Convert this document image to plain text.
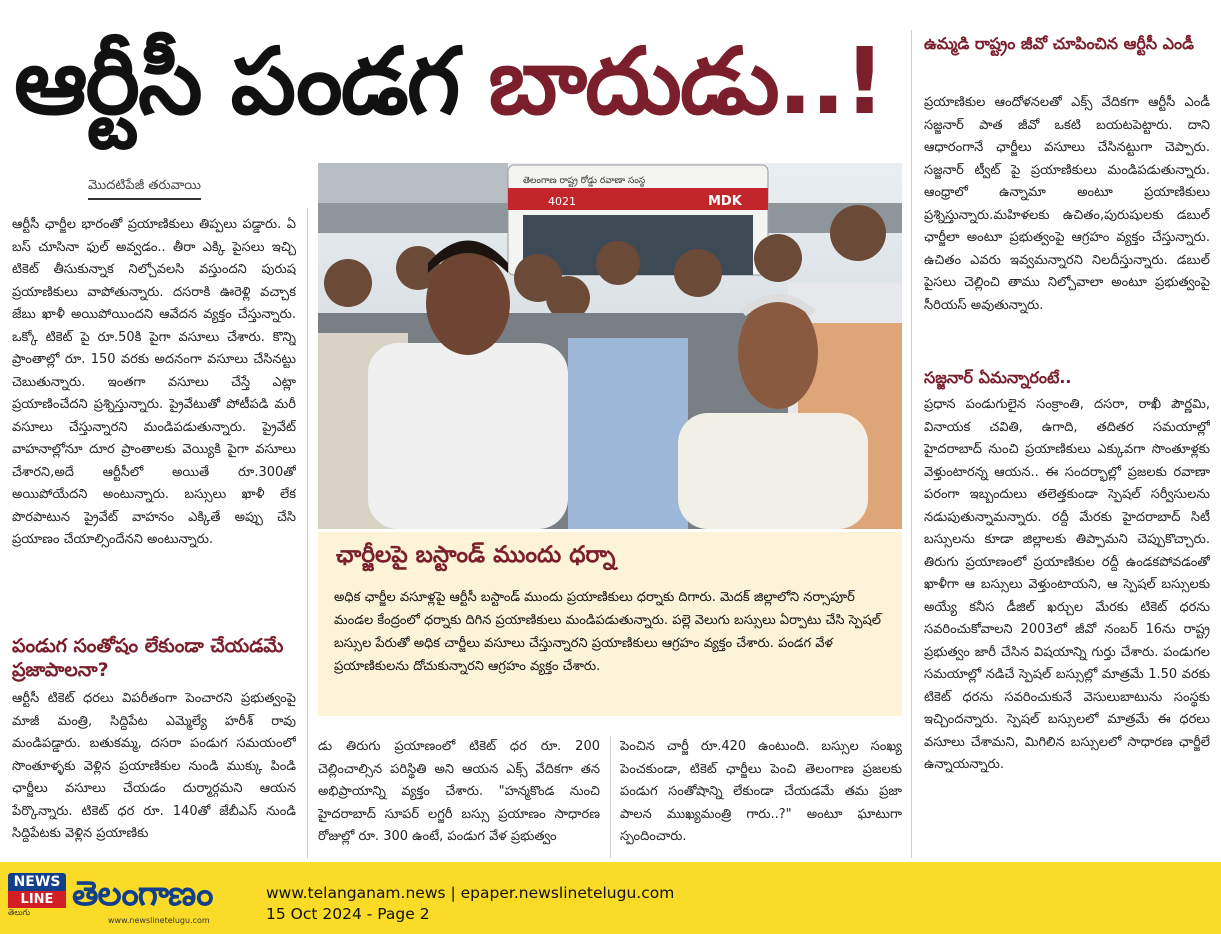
ఆర్టీసీ పండగ బాదుడు..!
మొదటిపేజీ తరువాయి
ఆర్టీసీ ఛార్జీల భారంతో ప్రయాణికులు తిప్పలు పడ్డారు. ఏ బస్ చూసినా ఫుల్ అవ్వడం.. తీరా ఎక్కి పైసలు ఇచ్చి టికెట్ తీసుకున్నాక నిల్చోవలసి వస్తుందని పురుష ప్రయాణికులు వాపోతున్నారు. దసరాకి ఊరెళ్లి వచ్చాక జేబు ఖాళీ అయిపోయిందని ఆవేదన వ్యక్తం చేస్తున్నారు. ఒక్కో టికెట్ పై రూ.50కి పైగా వసూలు చేశారు. కొన్ని ప్రాంతాల్లో రూ. 150 వరకు అదనంగా వసూలు చేసినట్టు చెబుతున్నారు. ఇంతగా వసూలు చేస్తే ఎట్లా ప్రయాణించేదని ప్రశ్నిస్తున్నారు. ప్రైవేటుతో పోటీపడి మరీ వసూలు చేస్తున్నారని మండిపడుతున్నారు. ప్రైవేట్ వాహనాల్లోనూ దూర ప్రాంతాలకు వెయ్యికి పైగా వసూలు చేశారని,అదే ఆర్టీసీలో అయితే రూ.300తో అయిపోయేదని అంటున్నారు. బస్సులు ఖాళీ లేక పొరపాటున ప్రైవేట్ వాహనం ఎక్కితే అప్పు చేసి ప్రయాణం చేయాల్సిందేనని అంటున్నారు.
పండుగ సంతోషం లేకుండా చేయడమే ప్రజాపాలనా?
ఆర్టీసీ టికెట్ ధరలు విపరీతంగా పెంచారని ప్రభుత్వంపై మాజీ మంత్రి, సిద్దిపేట ఎమ్మెల్యే హరీశ్ రావు మండిపడ్డారు. బతుకమ్మ, దసరా పండుగ సమయంలో సొంతూళ్ళకు వెళ్లిన ప్రయాణికుల నుండి ముక్కు పిండి ఛార్జీలు వసూలు చేయడం దుర్మార్గమని ఆయన పేర్కొన్నారు. టికెట్ ధర రూ. 140తో జేబీఎస్ నుండి సిద్దిపేటకు వెళ్లిన ప్రయాణికు
4021	MDK
తెలంగాణ రాష్ట్ర రోడ్డు రవాణా సంస్థ
ఛార్జీలపై బస్టాండ్ ముందు ధర్నా
అధిక ఛార్జీల వసూళ్లపై ఆర్టీసీ బస్టాండ్ ముందు ప్రయాణికులు ధర్నాకు దిగారు. మెదక్ జిల్లాలోని నర్సాపూర్ మండల కేంద్రంలో ధర్నాకు దిగిన ప్రయాణికులు మండిపడుతున్నారు. పల్లె వెలుగు బస్సులు ఏర్పాటు చేసి స్పెషల్ బస్సుల పేరుతో అధిక చార్జీలు వసూలు చేస్తున్నారని ప్రయాణికులు ఆగ్రహం వ్యక్తం చేశారు. పండగ వేళ ప్రయాణికులను దోచుకున్నారని ఆగ్రహం వ్యక్తం చేశారు.
డు తిరుగు ప్రయాణంలో టికెట్ ధర రూ. 200 చెల్లించాల్సిన పరిస్థితి అని ఆయన ఎక్స్ వేదికగా తన అభిప్రాయాన్ని వ్యక్తం చేశారు. "హన్మకొండ నుంచి హైదరాబాద్ సూపర్ లగ్జరీ బస్సు ప్రయాణం సాధారణ రోజుల్లో రూ. 300 ఉంటే, పండుగ వేళ ప్రభుత్వం
పెంచిన చార్జీ రూ.420 ఉంటుంది. బస్సుల సంఖ్య పెంచకుండా, టికెట్ ఛార్జీలు పెంచి తెలంగాణ ప్రజలకు పండుగ సంతోషాన్ని లేకుండా చేయడమే తమ ప్రజా పాలన ముఖ్యమంత్రి గారు..?" అంటూ ఘాటుగా స్పందించారు.
ఉమ్మడి రాష్ట్రం జీవో చూపించిన ఆర్టీసీ ఎండీ
ప్రయాణికుల ఆందోళనలతో ఎక్స్ వేదికగా ఆర్టీసీ ఎండీ సజ్జనార్ పాత జీవో ఒకటి బయటపెట్టారు. దాని ఆధారంగానే ఛార్జీలు వసూలు చేసినట్టుగా చెప్పారు. సజ్జనార్ ట్వీట్ పై ప్రయాణికులు మండిపడుతున్నారు. ఆంధ్రాలో ఉన్నామా అంటూ ప్రయాణికులు ప్రశ్నిస్తున్నారు.మహిళలకు ఉచితం,పురుషులకు డబుల్ ఛార్జీలా అంటూ ప్రభుత్వంపై ఆగ్రహం వ్యక్తం చేస్తున్నారు. ఉచితం ఎవరు ఇవ్వమన్నారని నిలదీస్తున్నారు. డబుల్ పైసలు చెల్లించి తాము నిల్చోవాలా అంటూ ప్రభుత్వంపై సీరియస్ అవుతున్నారు.
సజ్జనార్ ఏమన్నారంటే..
ప్రధాన పండుగులైన సంక్రాంతి, దసరా, రాఖీ పౌర్ణమి, వినాయక చవితి, ఉగాది, తదితర సమయాల్లో హైదరాబాద్ నుంచి ప్రయాణికులు ఎక్కువగా సొంతూళ్లకు వెళ్తుంటారన్న ఆయన.. ఈ సందర్భాల్లో ప్రజలకు రవాణా పరంగా ఇబ్బందులు తలెత్తకుండా స్పెషల్ సర్వీసులను నడుపుతున్నామన్నారు. రద్దీ మేరకు హైదరాబాద్ సిటీ బస్సులను కూడా జిల్లాలకు తిప్పామని చెప్పుకొచ్చారు. తిరుగు ప్రయాణంలో ప్రయాణికుల రద్దీ ఉండకపోవడంతో ఖాళీగా ఆ బస్సులు వెళ్తుంటాయని, ఆ స్పెషల్ బస్సులకు అయ్యే కనీస డీజిల్ ఖర్చుల మేరకు టికెట్ ధరను సవరించుకోవాలని 2003లో జీవో నంబర్ 16ను రాష్ట్ర ప్రభుత్వం జారీ చేసిన విషయాన్ని గుర్తు చేశారు. పండుగల సమయాల్లో నడిచే స్పెషల్ బస్సుల్లో మాత్రమే 1.50 వరకు టికెట్ ధరను సవరించుకునే వెసులుబాటును సంస్థకు ఇచ్చిందన్నారు. స్పెషల్ బస్సులలో మాత్రమే ఈ ధరలు వసూలు చేశామని, మిగిలిన బస్సులలో సాధారణ ఛార్జీలే ఉన్నాయన్నారు.
NEWS
LINE
తెలుగు	తెలంగాణం
www.newslinetelugu.com
www.telanganam.news | epaper.newslinetelugu.com
15 Oct 2024 - Page 2
